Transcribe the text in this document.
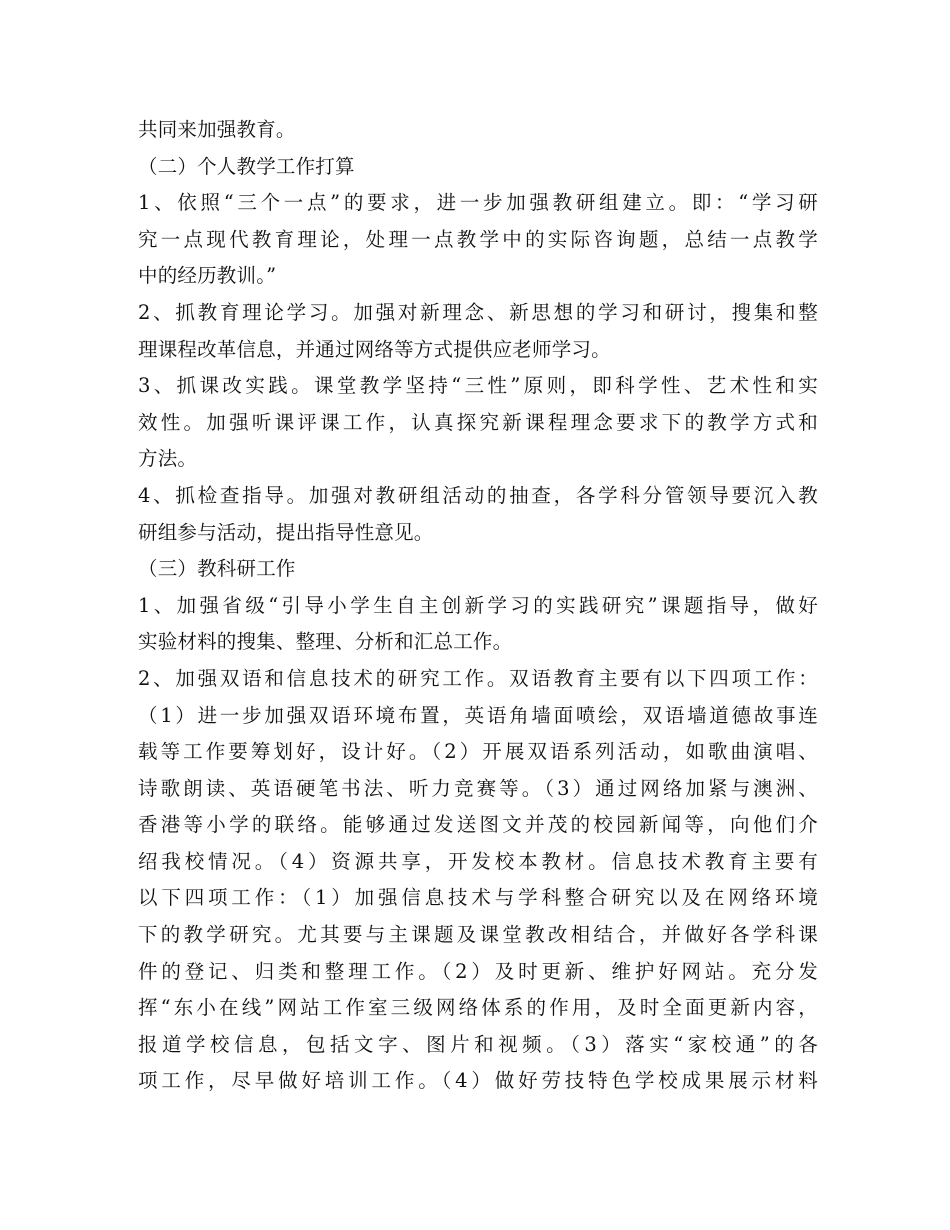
共同来加强教育。
（二）个人教学工作打算
1、依照“三个一点”的要求，进一步加强教研组建立。即：“学习研
究一点现代教育理论，处理一点教学中的实际咨询题，总结一点教学
中的经历教训。”
2、抓教育理论学习。加强对新理念、新思想的学习和研讨，搜集和整
理课程改革信息，并通过网络等方式提供应老师学习。
3、抓课改实践。课堂教学坚持“三性”原则，即科学性、艺术性和实
效性。加强听课评课工作，认真探究新课程理念要求下的教学方式和
方法。
4、抓检查指导。加强对教研组活动的抽查，各学科分管领导要沉入教
研组参与活动，提出指导性意见。
（三）教科研工作
1、加强省级“引导小学生自主创新学习的实践研究”课题指导，做好
实验材料的搜集、整理、分析和汇总工作。
2、加强双语和信息技术的研究工作。双语教育主要有以下四项工作：
（1）进一步加强双语环境布置，英语角墙面喷绘，双语墙道德故事连
载等工作要筹划好，设计好。（2）开展双语系列活动，如歌曲演唱、
诗歌朗读、英语硬笔书法、听力竞赛等。（3）通过网络加紧与澳洲、
香港等小学的联络。能够通过发送图文并茂的校园新闻等，向他们介
绍我校情况。（4）资源共享，开发校本教材。信息技术教育主要有
以下四项工作：（1）加强信息技术与学科整合研究以及在网络环境
下的教学研究。尤其要与主课题及课堂教改相结合，并做好各学科课
件的登记、归类和整理工作。（2）及时更新、维护好网站。充分发
挥“东小在线”网站工作室三级网络体系的作用，及时全面更新内容，
报道学校信息，包括文字、图片和视频。（3）落实“家校通”的各
项工作，尽早做好培训工作。（4）做好劳技特色学校成果展示材料
